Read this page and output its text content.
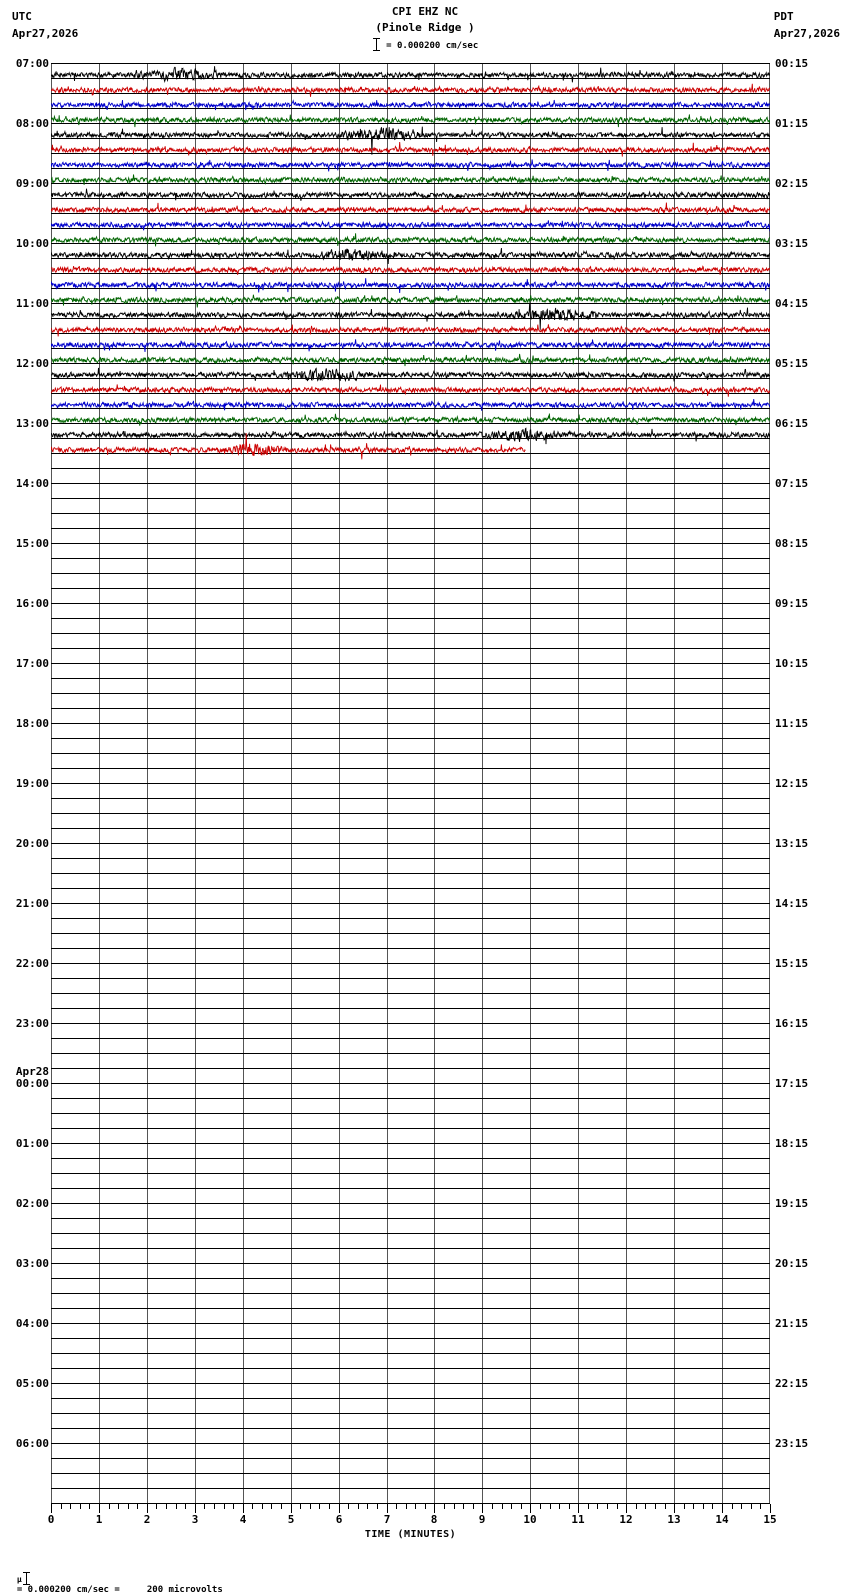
UTC
Apr27,2026
CPI EHZ NC
(Pinole Ridge )
= 0.000200 cm/sec
PDT
Apr27,2026
07:00
08:00
09:00
10:00
11:00
12:00
13:00
14:00
15:00
16:00
17:00
18:00
19:00
20:00
21:00
22:00
23:00
00:00
Apr28
01:00
02:00
03:00
04:00
05:00
06:00
00:15
01:15
02:15
03:15
04:15
05:15
06:15
07:15
08:15
09:15
10:15
11:15
12:15
13:15
14:15
15:15
16:15
17:15
18:15
19:15
20:15
21:15
22:15
23:15
0	1	2	3	4	5	6	7	8	9	10	11	12	13	14	15
TIME (MINUTES)

µ

= 0.000200 cm/sec =     200 microvolts
